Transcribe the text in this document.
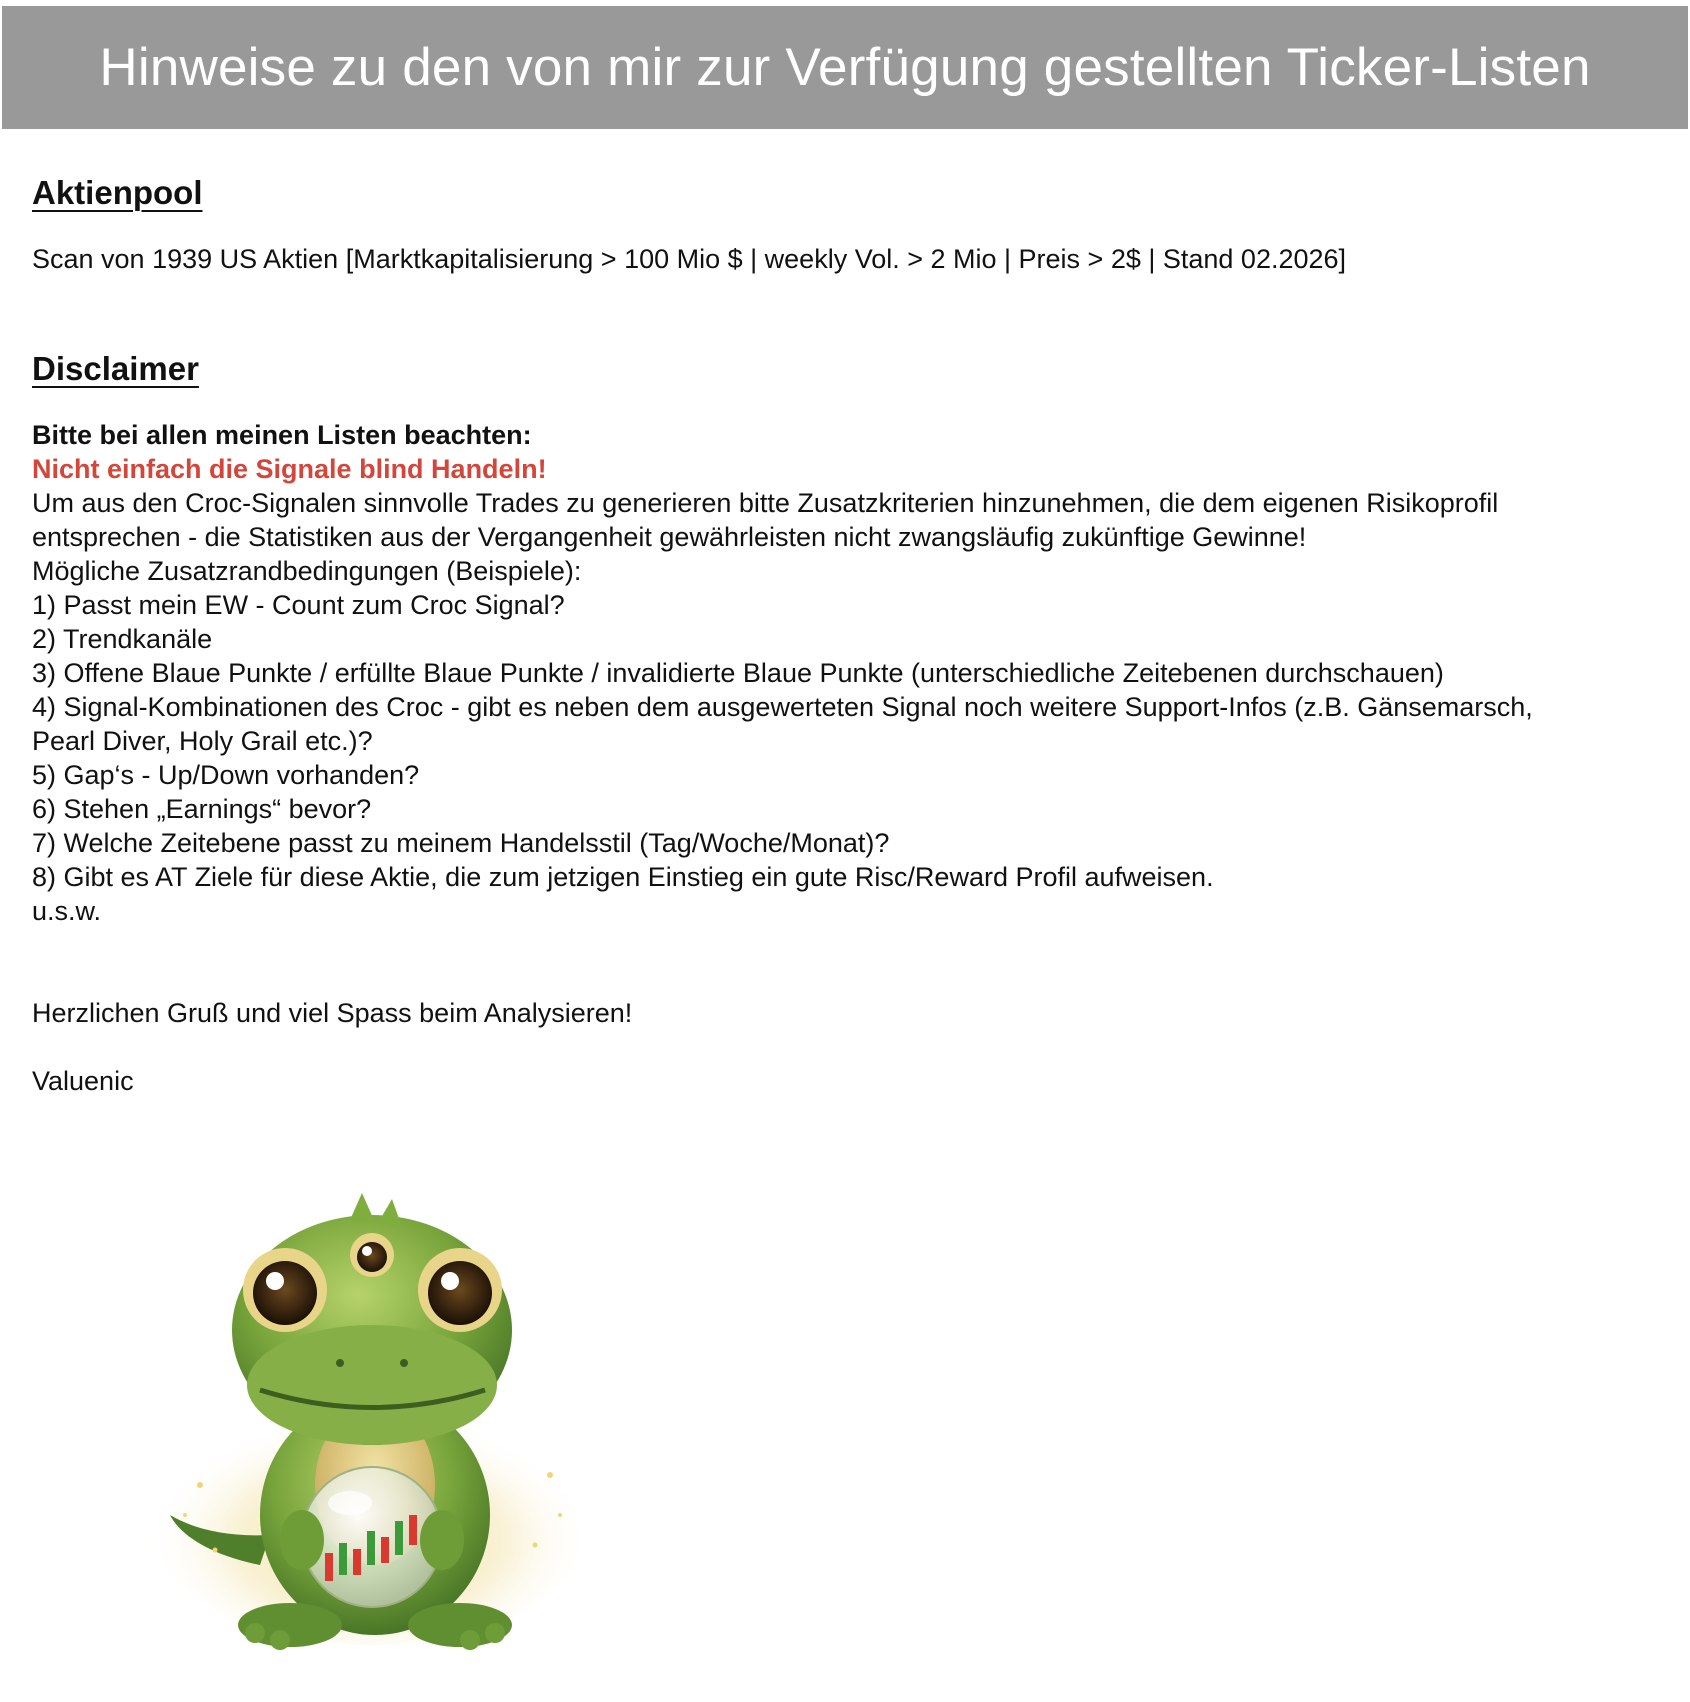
Hinweise zu den von mir zur Verfügung gestellten Ticker-Listen
Aktienpool

Scan von 1939 US Aktien [Marktkapitalisierung > 100 Mio $ | weekly Vol. > 2 Mio | Preis > 2$ | Stand 02.2026]

Disclaimer

Bitte bei allen meinen Listen beachten:

Nicht einfach die Signale blind Handeln!

Um aus den Croc-Signalen sinnvolle Trades zu generieren bitte Zusatzkriterien hinzunehmen, die dem eigenen Risikoprofil

entsprechen - die Statistiken aus der Vergangenheit gewährleisten nicht zwangsläufig zukünftige Gewinne!

Mögliche Zusatzrandbedingungen (Beispiele):

1) Passt mein EW - Count zum Croc Signal?
2) Trendkanäle
3) Offene Blaue Punkte / erfüllte Blaue Punkte / invalidierte Blaue Punkte (unterschiedliche Zeitebenen durchschauen)
4) Signal-Kombinationen des Croc - gibt es neben dem ausgewerteten Signal noch weitere Support-Infos (z.B. Gänsemarsch,
Pearl Diver, Holy Grail etc.)?
5) Gap‘s - Up/Down vorhanden?
6) Stehen „Earnings“ bevor?
7) Welche Zeitebene passt zu meinem Handelsstil (Tag/Woche/Monat)?
8) Gibt es AT Ziele für diese Aktie, die zum jetzigen Einstieg ein gute Risc/Reward Profil aufweisen.
u.s.w.

Herzlichen Gruß und viel Spass beim Analysieren!

Valuenic
